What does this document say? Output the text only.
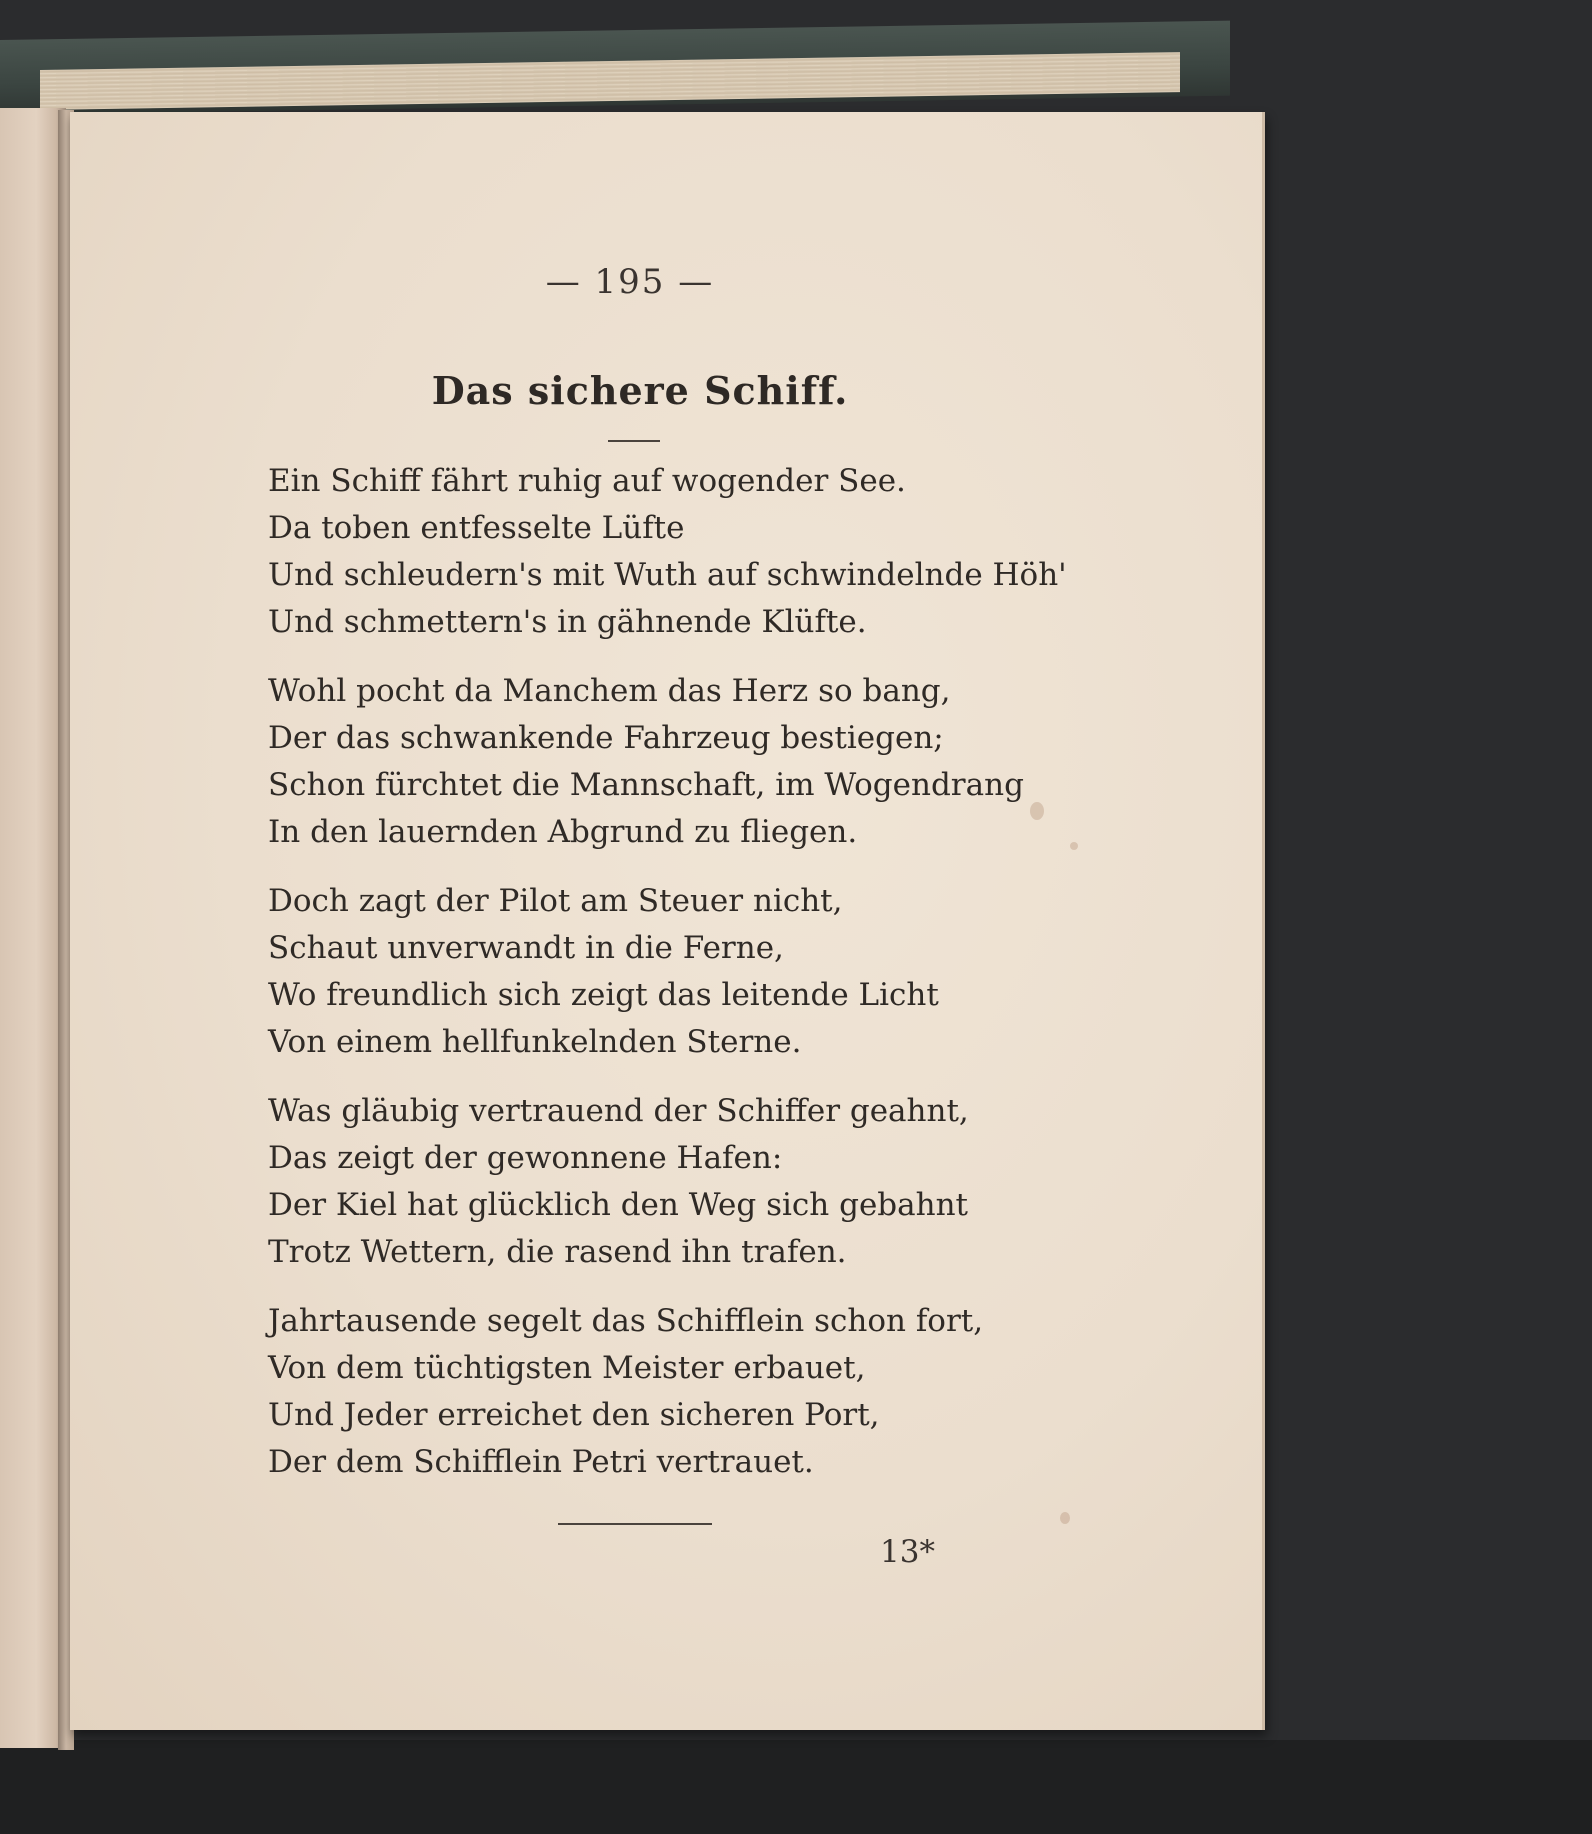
— 195 —
Das sichere Schiff.
Ein Schiff fährt ruhig auf wogender See.
Da toben entfesselte Lüfte
Und schleudern's mit Wuth auf schwindelnde Höh'
Und schmettern's in gähnende Klüfte.
Wohl pocht da Manchem das Herz so bang,
Der das schwankende Fahrzeug bestiegen;
Schon fürchtet die Mannschaft, im Wogendrang
In den lauernden Abgrund zu fliegen.
Doch zagt der Pilot am Steuer nicht,
Schaut unverwandt in die Ferne,
Wo freundlich sich zeigt das leitende Licht
Von einem hellfunkelnden Sterne.
Was gläubig vertrauend der Schiffer geahnt,
Das zeigt der gewonnene Hafen:
Der Kiel hat glücklich den Weg sich gebahnt
Trotz Wettern, die rasend ihn trafen.
Jahrtausende segelt das Schifflein schon fort,
Von dem tüchtigsten Meister erbauet,
Und Jeder erreichet den sicheren Port,
Der dem Schifflein Petri vertrauet.
13*
